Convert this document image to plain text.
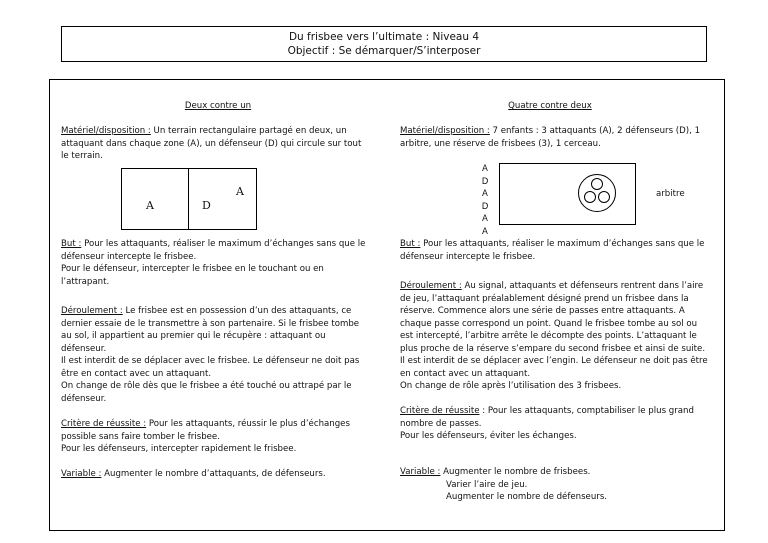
Du frisbee vers l’ultimate : Niveau 4
Objectif : Se démarquer/S’interposer
Deux contre un
Matériel/disposition : Un terrain rectangulaire partagé en deux, un attaquant dans chaque zone (A), un défenseur (D) qui circule sur tout le terrain.
A
A
D
But : Pour les attaquants, réaliser le maximum d’échanges sans que le défenseur intercepte le frisbee.
Pour le défenseur, intercepter le frisbee en le touchant ou en l’attrapant.
Déroulement : Le frisbee est en possession d’un des attaquants, ce dernier essaie de le transmettre à son partenaire. Si le frisbee tombe au sol, il appartient au premier qui le récupère : attaquant ou défenseur.
Il est interdit de se déplacer avec le frisbee. Le défenseur ne doit pas être en contact avec un attaquant.
On change de rôle dès que le frisbee a été touché ou attrapé par le défenseur.
Critère de réussite : Pour les attaquants, réussir le plus d’échanges possible sans faire tomber le frisbee.
Pour les défenseurs, intercepter rapidement le frisbee.
Variable : Augmenter le nombre d’attaquants, de défenseurs.
Quatre contre deux
Matériel/disposition : 7 enfants : 3 attaquants (A), 2 défenseurs (D), 1 arbitre, une réserve de frisbees (3), 1 cerceau.
A
D
A
D
A
A
arbitre
But : Pour les attaquants, réaliser le maximum d’échanges sans que le défenseur intercepte le frisbee.
Déroulement : Au signal, attaquants et défenseurs rentrent dans l’aire de jeu, l’attaquant préalablement désigné prend un frisbee dans la réserve. Commence alors une série de passes entre attaquants. A chaque passe correspond un point. Quand le frisbee tombe au sol ou est intercepté, l’arbitre arrête le décompte des points. L’attaquant le plus proche de la réserve s’empare du second frisbee et ainsi de suite.
Il est interdit de se déplacer avec l’engin. Le défenseur ne doit pas être en contact avec un attaquant.
On change de rôle après l’utilisation des 3 frisbees.
Critère de réussite : Pour les attaquants, comptabiliser le plus grand nombre de passes.
Pour les défenseurs, éviter les échanges.
Variable : Augmenter le nombre de frisbees.

Varier l’aire de jeu.
Augmenter le nombre de défenseurs.
